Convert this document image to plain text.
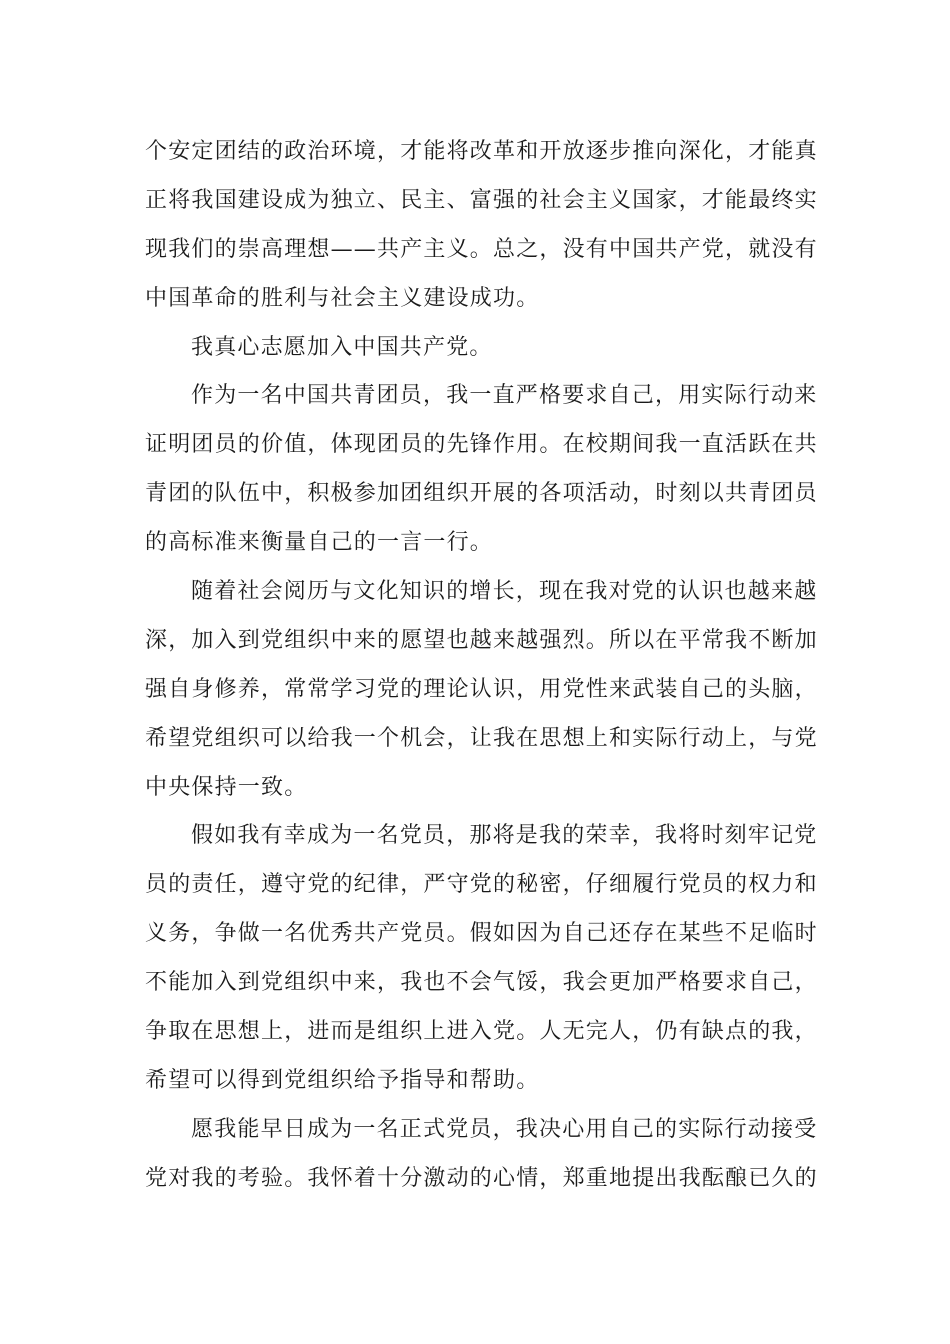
个安定团结的政治环境，才能将改革和开放逐步推向深化，才能真
正将我国建设成为独立、民主、富强的社会主义国家，才能最终实
现我们的崇高理想——共产主义。总之，没有中国共产党，就没有
中国革命的胜利与社会主义建设成功。
我真心志愿加入中国共产党。
作为一名中国共青团员，我一直严格要求自己，用实际行动来
证明团员的价值，体现团员的先锋作用。在校期间我一直活跃在共
青团的队伍中，积极参加团组织开展的各项活动，时刻以共青团员
的高标准来衡量自己的一言一行。
随着社会阅历与文化知识的增长，现在我对党的认识也越来越
深，加入到党组织中来的愿望也越来越强烈。所以在平常我不断加
强自身修养，常常学习党的理论认识，用党性来武装自己的头脑，
希望党组织可以给我一个机会，让我在思想上和实际行动上，与党
中央保持一致。
假如我有幸成为一名党员，那将是我的荣幸，我将时刻牢记党
员的责任，遵守党的纪律，严守党的秘密，仔细履行党员的权力和
义务，争做一名优秀共产党员。假如因为自己还存在某些不足临时
不能加入到党组织中来，我也不会气馁，我会更加严格要求自己，
争取在思想上，进而是组织上进入党。人无完人，仍有缺点的我，
希望可以得到党组织给予指导和帮助。
愿我能早日成为一名正式党员，我决心用自己的实际行动接受
党对我的考验。我怀着十分激动的心情，郑重地提出我酝酿已久的
